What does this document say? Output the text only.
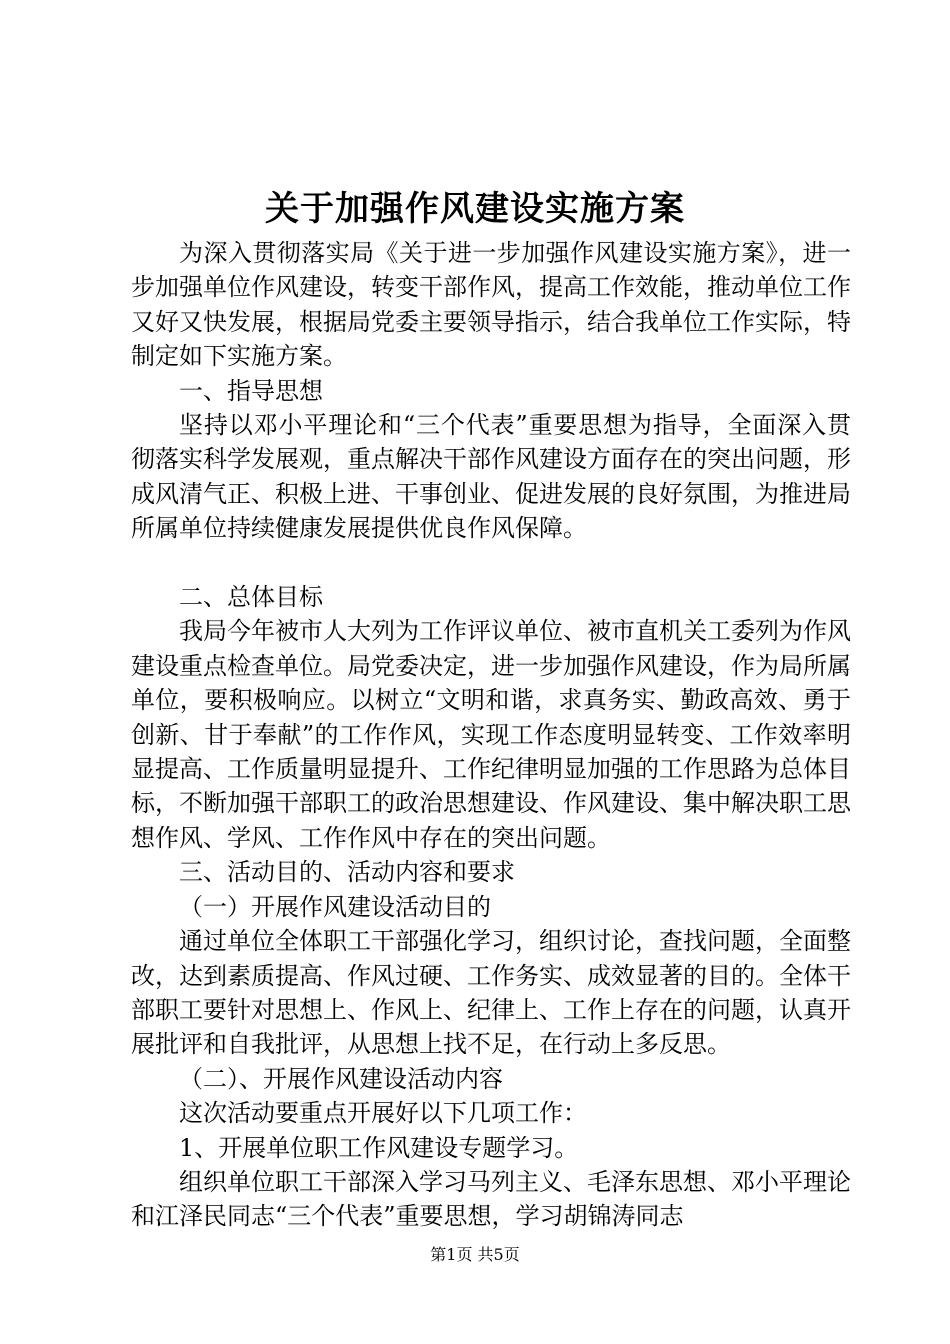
关于加强作风建设实施方案

为深入贯彻落实局《关于进一步加强作风建设实施方案》，进一步加强单位作风建设，转变干部作风，提高工作效能，推动单位工作又好又快发展，根据局党委主要领导指示，结合我单位工作实际，特制定如下实施方案。

一、指导思想

坚持以邓小平理论和“三个代表”重要思想为指导，全面深入贯彻落实科学发展观，重点解决干部作风建设方面存在的突出问题，形成风清气正、积极上进、干事创业、促进发展的良好氛围，为推进局所属单位持续健康发展提供优良作风保障。

二、总体目标

我局今年被市人大列为工作评议单位、被市直机关工委列为作风建设重点检查单位。局党委决定，进一步加强作风建设，作为局所属单位，要积极响应。以树立“文明和谐，求真务实、勤政高效、勇于创新、甘于奉献”的工作作风，实现工作态度明显转变、工作效率明显提高、工作质量明显提升、工作纪律明显加强的工作思路为总体目标，不断加强干部职工的政治思想建设、作风建设、集中解决职工思想作风、学风、工作作风中存在的突出问题。

三、活动目的、活动内容和要求

（一）开展作风建设活动目的

通过单位全体职工干部强化学习，组织讨论，查找问题，全面整改，达到素质提高、作风过硬、工作务实、成效显著的目的。全体干部职工要针对思想上、作风上、纪律上、工作上存在的问题，认真开展批评和自我批评，从思想上找不足，在行动上多反思。

（二）、开展作风建设活动内容

这次活动要重点开展好以下几项工作：

1、开展单位职工作风建设专题学习。

组织单位职工干部深入学习马列主义、毛泽东思想、邓小平理论和江泽民同志“三个代表”重要思想，学习胡锦涛同志

第1页 共5页
